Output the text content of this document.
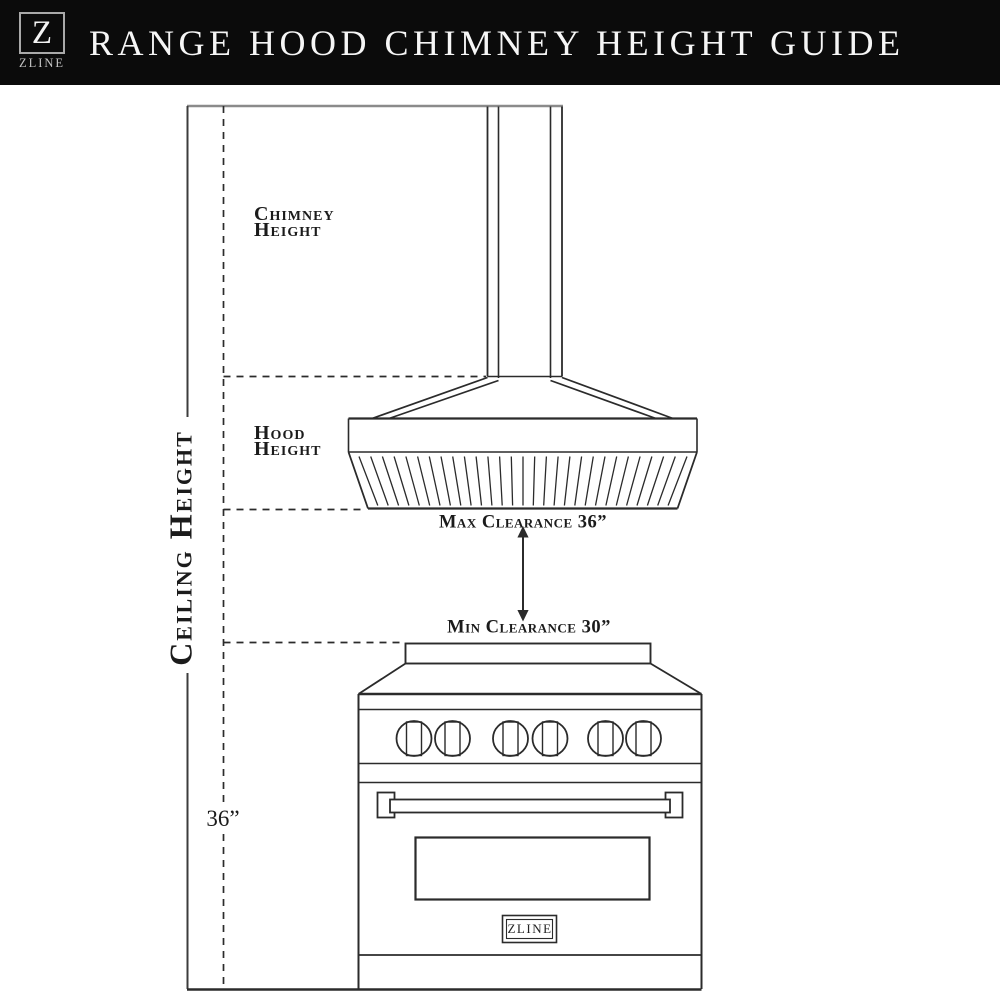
Z
ZLINE
RANGE HOOD CHIMNEY HEIGHT GUIDE
Ceiling Height
Chimney
Height
Hood
Height
Max Clearance 36”
Min Clearance 30”
36”
ZLINE
